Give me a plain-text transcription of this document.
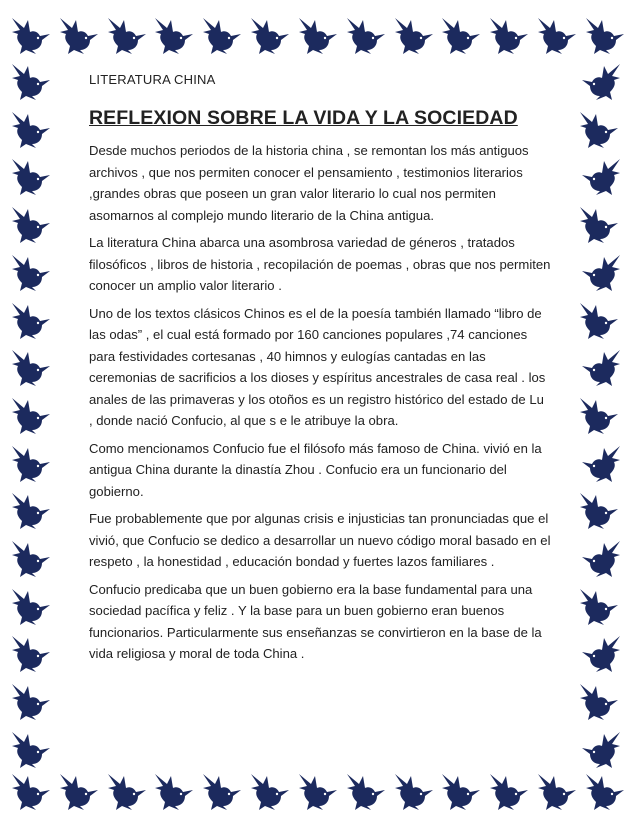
LITERATURA CHINA

REFLEXION SOBRE LA VIDA Y LA SOCIEDAD

Desde muchos periodos de la historia china , se remontan los más antiguos archivos , que nos permiten conocer el pensamiento , testimonios literarios ,grandes obras que poseen un gran valor literario lo cual nos permiten asomarnos al complejo mundo literario de la China antigua.

La literatura China abarca una asombrosa variedad de géneros , tratados filosóficos , libros de historia , recopilación de poemas , obras que nos permiten conocer un amplio valor literario .

Uno de los textos clásicos Chinos es el de la poesía también llamado “libro de las odas” , el cual está formado por 160 canciones populares ,74 canciones para festividades cortesanas , 40 himnos y eulogías cantadas en las ceremonias de sacrificios a los dioses y espíritus ancestrales de casa real . los anales de las primaveras y los otoños es un registro histórico del estado de Lu , donde nació Confucio, al que s e le atribuye la obra.

Como mencionamos Confucio fue el filósofo más famoso de China. vivió en la antigua China durante la dinastía Zhou . Confucio era un funcionario del gobierno.

Fue probablemente que por algunas crisis e injusticias tan pronunciadas que el vivió, que Confucio se dedico a desarrollar un nuevo código moral basado en el respeto , la honestidad , educación bondad y fuertes lazos familiares .

Confucio predicaba que un buen gobierno era la base fundamental para una sociedad pacífica y feliz . Y la base para un buen gobierno eran buenos funcionarios. Particularmente sus enseñanzas se convirtieron en la base de la vida religiosa y moral de toda China .
